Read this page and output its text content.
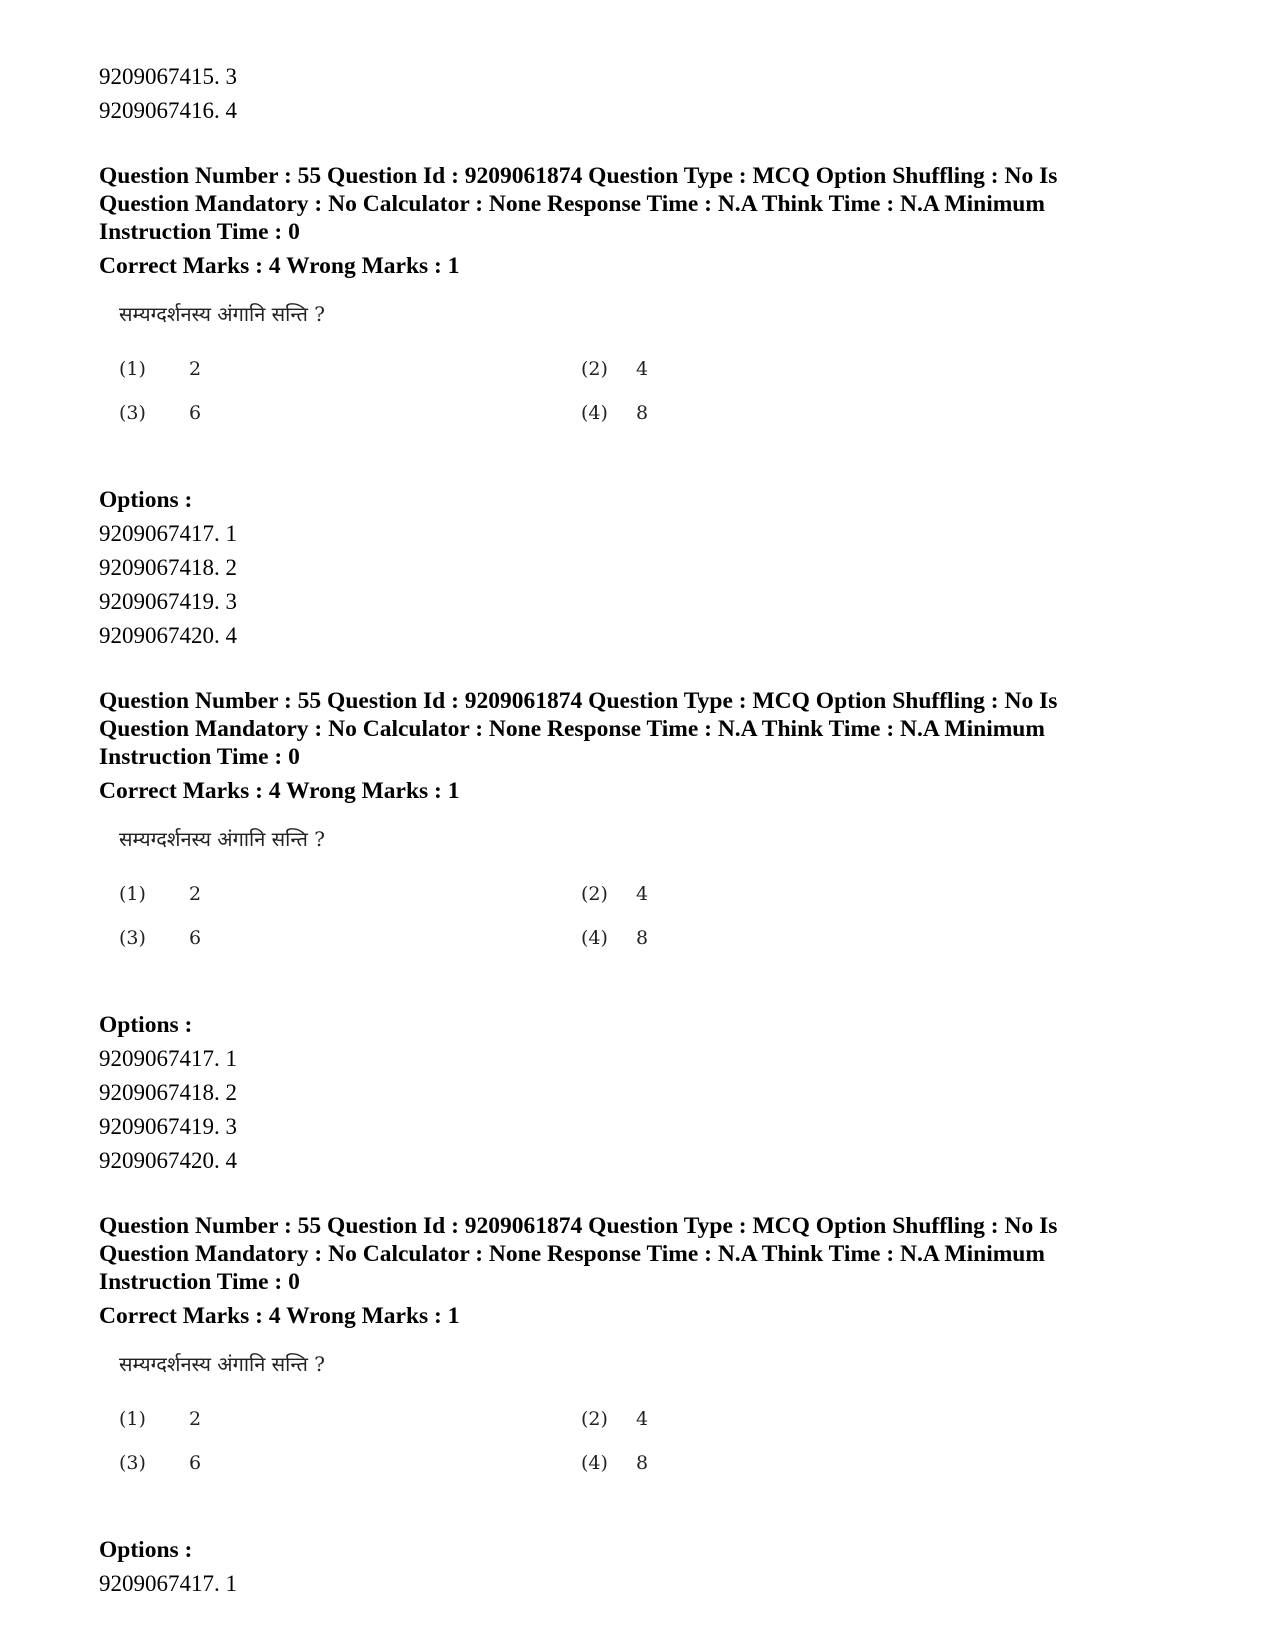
9209067415. 3
9209067416. 4
Question Number : 55 Question Id : 9209061874 Question Type : MCQ Option Shuffling : No Is
Question Mandatory : No Calculator : None Response Time : N.A Think Time : N.A Minimum
Instruction Time : 0
Correct Marks : 4 Wrong Marks : 1
सम्यग्दर्शनस्य अंगानि सन्ति ?
(1) 2	(2) 4
(3) 6	(4) 8
Options :
9209067417. 1
9209067418. 2
9209067419. 3
9209067420. 4
Question Number : 55 Question Id : 9209061874 Question Type : MCQ Option Shuffling : No Is
Question Mandatory : No Calculator : None Response Time : N.A Think Time : N.A Minimum
Instruction Time : 0
Correct Marks : 4 Wrong Marks : 1
सम्यग्दर्शनस्य अंगानि सन्ति ?
(1) 2	(2) 4
(3) 6	(4) 8
Options :
9209067417. 1
9209067418. 2
9209067419. 3
9209067420. 4
Question Number : 55 Question Id : 9209061874 Question Type : MCQ Option Shuffling : No Is
Question Mandatory : No Calculator : None Response Time : N.A Think Time : N.A Minimum
Instruction Time : 0
Correct Marks : 4 Wrong Marks : 1
सम्यग्दर्शनस्य अंगानि सन्ति ?
(1) 2	(2) 4
(3) 6	(4) 8
Options :
9209067417. 1
